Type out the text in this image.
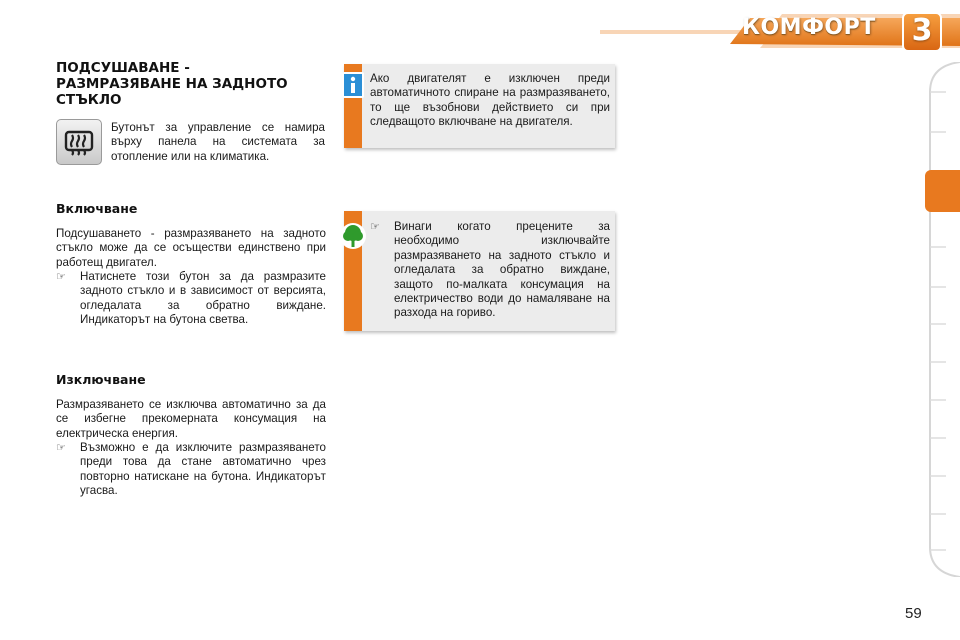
КОМФОРТ 3
ПОДСУШАВАНЕ -
РАЗМРАЗЯВАНЕ НА ЗАДНОТО
СТЪКЛО
Бутонът за управление се намира върху панела на системата за отопление или на климатика.
Включване
Подсушаването - размразяването на задното стъкло може да се осъществи единствено при работещ двигател.
☞	Натиснете този бутон за да размразите задното стъкло и в зависимост от версията, огледалата за обратно виждане. Индикаторът на бутона светва.
Изключване
Размразяването се изключва автоматично за да се избегне прекомерната консумация на електрическа енергия.
☞	Възможно е да изключите размразяването преди това да стане автоматично чрез повторно натискане на бутона. Индикаторът угасва.
Ако двигателят е изключен преди автоматичното спиране на размразяването, то ще възобнови действието си при следващото включване на двигателя.
☞	Винаги когато прецените за необходимо изключвайте размразяването на задното стъкло и огледалата за обратно виждане, защото по-малката консумация на електричество води до намаляване на разхода на гориво.
59
